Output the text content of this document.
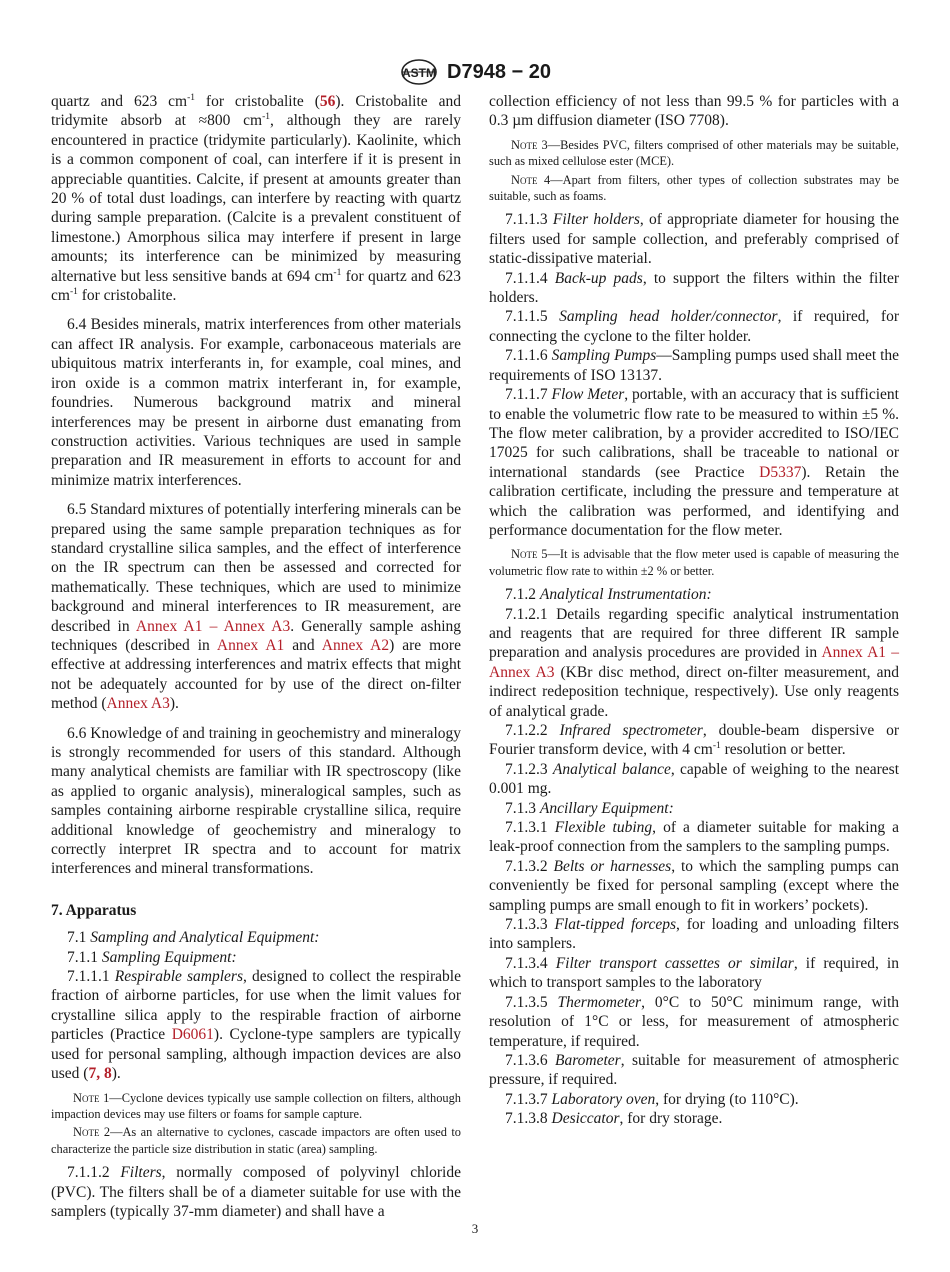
ASTM D7948 − 20

quartz and 623 $cm^{-1}$ for cristobalite (56). Cristobalite and tridymite absorb at ≈800 $cm^{-1}$, although they are rarely encountered in practice (tridymite particularly). Kaolinite, which is a common component of coal, can interfere if it is present in appreciable quantities. Calcite, if present at amounts greater than 20 % of total dust loadings, can interfere by reacting with quartz during sample preparation. (Calcite is a prevalent constituent of limestone.) Amorphous silica may interfere if present in large amounts; its interference can be minimized by measuring alternative but less sensitive bands at 694 $cm^{-1}$ for quartz and 623 $cm^{-1}$ for cristobalite.

6.4 Besides minerals, matrix interferences from other materials can affect IR analysis. For example, carbonaceous materials are ubiquitous matrix interferants in, for example, coal mines, and iron oxide is a common matrix interferant in, for example, foundries. Numerous background matrix and mineral interferences may be present in airborne dust emanating from construction activities. Various techniques are used in sample preparation and IR measurement in efforts to account for and minimize matrix interferences.

6.5 Standard mixtures of potentially interfering minerals can be prepared using the same sample preparation techniques as for standard crystalline silica samples, and the effect of interference on the IR spectrum can then be assessed and corrected for mathematically. These techniques, which are used to minimize background and mineral interferences to IR measurement, are described in Annex A1 – Annex A3. Generally sample ashing techniques (described in Annex A1 and Annex A2) are more effective at addressing interferences and matrix effects that might not be adequately accounted for by use of the direct on-filter method (Annex A3).

6.6 Knowledge of and training in geochemistry and mineralogy is strongly recommended for users of this standard. Although many analytical chemists are familiar with IR spectroscopy (like as applied to organic analysis), mineralogical samples, such as samples containing airborne respirable crystalline silica, require additional knowledge of geochemistry and mineralogy to correctly interpret IR spectra and to account for matrix interferences and mineral transformations.

7. Apparatus

7.1 Sampling and Analytical Equipment:

7.1.1 Sampling Equipment:

7.1.1.1 Respirable samplers, designed to collect the respirable fraction of airborne particles, for use when the limit values for crystalline silica apply to the respirable fraction of airborne particles (Practice D6061). Cyclone-type samplers are typically used for personal sampling, although impaction devices are also used (7, 8).

Note 1—Cyclone devices typically use sample collection on filters, although impaction devices may use filters or foams for sample capture.

Note 2—As an alternative to cyclones, cascade impactors are often used to characterize the particle size distribution in static (area) sampling.

7.1.1.2 Filters, normally composed of polyvinyl chloride (PVC). The filters shall be of a diameter suitable for use with the samplers (typically 37-mm diameter) and shall have a

collection efficiency of not less than 99.5 % for particles with a 0.3 µm diffusion diameter (ISO 7708).

Note 3—Besides PVC, filters comprised of other materials may be suitable, such as mixed cellulose ester (MCE).

Note 4—Apart from filters, other types of collection substrates may be suitable, such as foams.

7.1.1.3 Filter holders, of appropriate diameter for housing the filters used for sample collection, and preferably comprised of static-dissipative material.

7.1.1.4 Back-up pads, to support the filters within the filter holders.

7.1.1.5 Sampling head holder/connector, if required, for connecting the cyclone to the filter holder.

7.1.1.6 Sampling Pumps—Sampling pumps used shall meet the requirements of ISO 13137.

7.1.1.7 Flow Meter, portable, with an accuracy that is sufficient to enable the volumetric flow rate to be measured to within ±5 %. The flow meter calibration, by a provider accredited to ISO/IEC 17025 for such calibrations, shall be traceable to national or international standards (see Practice D5337). Retain the calibration certificate, including the pressure and temperature at which the calibration was performed, and identifying and performance documentation for the flow meter.

Note 5—It is advisable that the flow meter used is capable of measuring the volumetric flow rate to within ±2 % or better.

7.1.2 Analytical Instrumentation:

7.1.2.1 Details regarding specific analytical instrumentation and reagents that are required for three different IR sample preparation and analysis procedures are provided in Annex A1 – Annex A3 (KBr disc method, direct on-filter measurement, and indirect redeposition technique, respectively). Use only reagents of analytical grade.

7.1.2.2 Infrared spectrometer, double-beam dispersive or Fourier transform device, with 4 $cm^{-1}$ resolution or better.

7.1.2.3 Analytical balance, capable of weighing to the nearest 0.001 mg.

7.1.3 Ancillary Equipment:

7.1.3.1 Flexible tubing, of a diameter suitable for making a leak-proof connection from the samplers to the sampling pumps.

7.1.3.2 Belts or harnesses, to which the sampling pumps can conveniently be fixed for personal sampling (except where the sampling pumps are small enough to fit in workers’ pockets).

7.1.3.3 Flat-tipped forceps, for loading and unloading filters into samplers.

7.1.3.4 Filter transport cassettes or similar, if required, in which to transport samples to the laboratory

7.1.3.5 Thermometer, 0°C to 50°C minimum range, with resolution of 1°C or less, for measurement of atmospheric temperature, if required.

7.1.3.6 Barometer, suitable for measurement of atmospheric pressure, if required.

7.1.3.7 Laboratory oven, for drying (to 110°C).

7.1.3.8 Desiccator, for dry storage.

3
